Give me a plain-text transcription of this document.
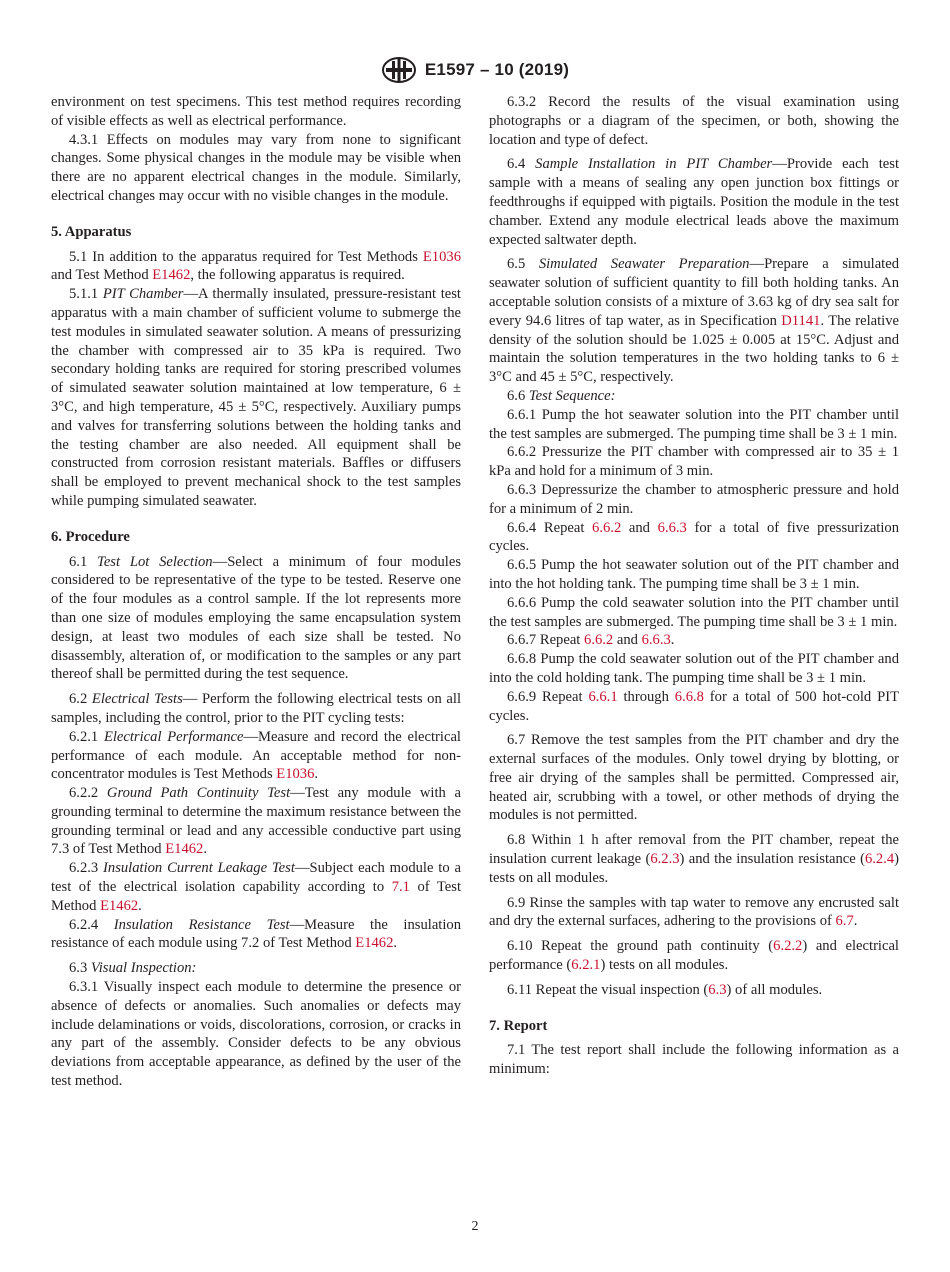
E1597 – 10 (2019)

environment on test specimens. This test method requires recording of visible effects as well as electrical performance.

4.3.1 Effects on modules may vary from none to significant changes. Some physical changes in the module may be visible when there are no apparent electrical changes in the module. Similarly, electrical changes may occur with no visible changes in the module.

5. Apparatus

5.1 In addition to the apparatus required for Test Methods E1036 and Test Method E1462, the following apparatus is required.

5.1.1 PIT Chamber—A thermally insulated, pressure-resistant test apparatus with a main chamber of sufficient volume to submerge the test modules in simulated seawater solution. A means of pressurizing the chamber with compressed air to 35 kPa is required. Two secondary holding tanks are required for storing prescribed volumes of simulated seawater solution maintained at low temperature, 6 ± 3°C, and high temperature, 45 ± 5°C, respectively. Auxiliary pumps and valves for transferring solutions between the holding tanks and the testing chamber are also needed. All equipment shall be constructed from corrosion resistant materials. Baffles or diffusers shall be employed to prevent mechanical shock to the test samples while pumping simulated seawater.

6. Procedure

6.1 Test Lot Selection—Select a minimum of four modules considered to be representative of the type to be tested. Reserve one of the four modules as a control sample. If the lot represents more than one size of modules employing the same encapsulation system design, at least two modules of each size shall be tested. No disassembly, alteration of, or modification to the samples or any part thereof shall be permitted during the test sequence.

6.2 Electrical Tests— Perform the following electrical tests on all samples, including the control, prior to the PIT cycling tests:

6.2.1 Electrical Performance—Measure and record the electrical performance of each module. An acceptable method for non-concentrator modules is Test Methods E1036.

6.2.2 Ground Path Continuity Test—Test any module with a grounding terminal to determine the maximum resistance between the grounding terminal or lead and any accessible conductive part using 7.3 of Test Method E1462.

6.2.3 Insulation Current Leakage Test—Subject each module to a test of the electrical isolation capability according to 7.1 of Test Method E1462.

6.2.4 Insulation Resistance Test—Measure the insulation resistance of each module using 7.2 of Test Method E1462.

6.3 Visual Inspection:

6.3.1 Visually inspect each module to determine the presence or absence of defects or anomalies. Such anomalies or defects may include delaminations or voids, discolorations, corrosion, or cracks in any part of the assembly. Consider defects to be any obvious deviations from acceptable appearance, as defined by the user of the test method.

6.3.2 Record the results of the visual examination using photographs or a diagram of the specimen, or both, showing the location and type of defect.

6.4 Sample Installation in PIT Chamber—Provide each test sample with a means of sealing any open junction box fittings or feedthroughs if equipped with pigtails. Position the module in the test chamber. Extend any module electrical leads above the maximum expected saltwater depth.

6.5 Simulated Seawater Preparation—Prepare a simulated seawater solution of sufficient quantity to fill both holding tanks. An acceptable solution consists of a mixture of 3.63 kg of dry sea salt for every 94.6 litres of tap water, as in Specification D1141. The relative density of the solution should be 1.025 ± 0.005 at 15°C. Adjust and maintain the solution temperatures in the two holding tanks to 6 ± 3°C and 45 ± 5°C, respectively.

6.6 Test Sequence:

6.6.1 Pump the hot seawater solution into the PIT chamber until the test samples are submerged. The pumping time shall be 3 ± 1 min.

6.6.2 Pressurize the PIT chamber with compressed air to 35 ± 1 kPa and hold for a minimum of 3 min.

6.6.3 Depressurize the chamber to atmospheric pressure and hold for a minimum of 2 min.

6.6.4 Repeat 6.6.2 and 6.6.3 for a total of five pressurization cycles.

6.6.5 Pump the hot seawater solution out of the PIT chamber and into the hot holding tank. The pumping time shall be 3 ± 1 min.

6.6.6 Pump the cold seawater solution into the PIT chamber until the test samples are submerged. The pumping time shall be 3 ± 1 min.

6.6.7 Repeat 6.6.2 and 6.6.3.

6.6.8 Pump the cold seawater solution out of the PIT chamber and into the cold holding tank. The pumping time shall be 3 ± 1 min.

6.6.9 Repeat 6.6.1 through 6.6.8 for a total of 500 hot-cold PIT cycles.

6.7 Remove the test samples from the PIT chamber and dry the external surfaces of the modules. Only towel drying by blotting, or free air drying of the samples shall be permitted. Compressed air, heated air, scrubbing with a towel, or other methods of drying the modules is not permitted.

6.8 Within 1 h after removal from the PIT chamber, repeat the insulation current leakage (6.2.3) and the insulation resistance (6.2.4) tests on all modules.

6.9 Rinse the samples with tap water to remove any encrusted salt and dry the external surfaces, adhering to the provisions of 6.7.

6.10 Repeat the ground path continuity (6.2.2) and electrical performance (6.2.1) tests on all modules.

6.11 Repeat the visual inspection (6.3) of all modules.

7. Report

7.1 The test report shall include the following information as a minimum:

2
